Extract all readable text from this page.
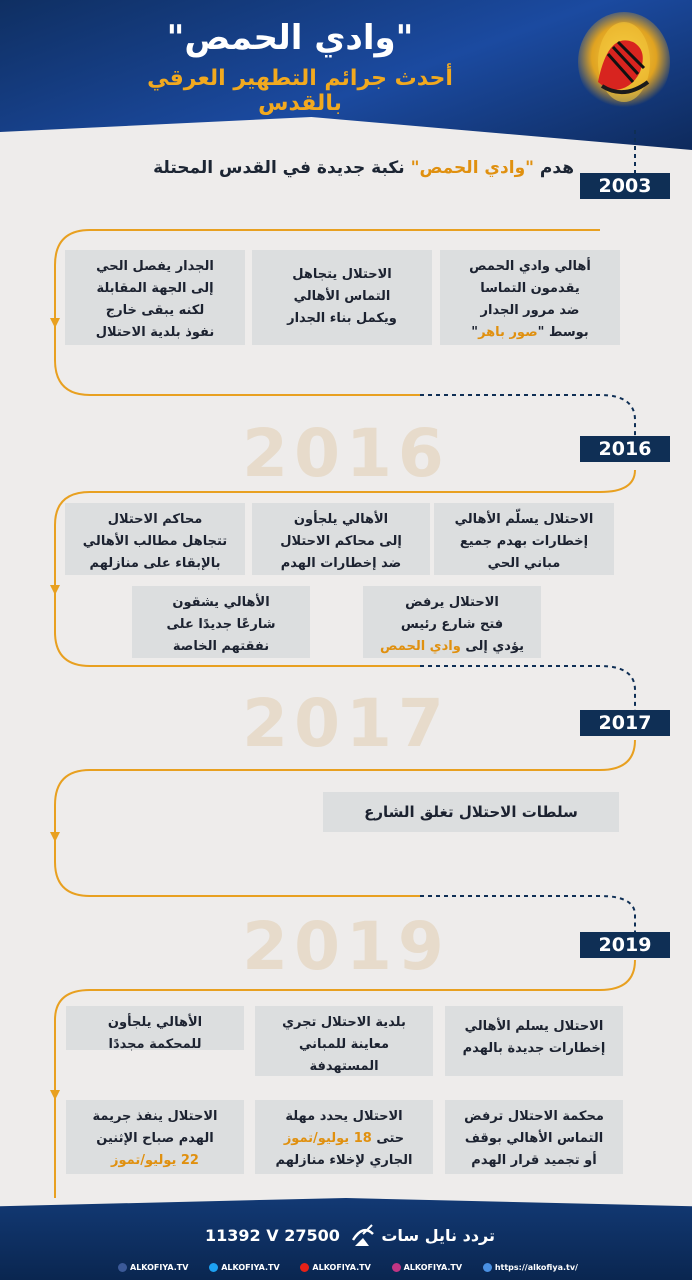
"وادي الحمص"
أحدث جرائم التطهير العرقي بالقدس
هدم "وادي الحمص" نكبة جديدة في القدس المحتلة
2003
2016
2017
2019
2016
2017
2019
أهالي وادي الحمص
يقدمون التماسا
ضد مرور الجدار
بوسط "صور باهر"
الاحتلال يتجاهل
التماس الأهالي
ويكمل بناء الجدار
الجدار يفصل الحي
إلى الجهة المقابلة
لكنه يبقى خارج
نفوذ بلدية الاحتلال
الاحتلال يسلّم الأهالي
إخطارات بهدم جميع
مباني الحي
الأهالي يلجأون
إلى محاكم الاحتلال
ضد إخطارات الهدم
محاكم الاحتلال
تتجاهل مطالب الأهالي
بالإبقاء على منازلهم
الاحتلال يرفض
فتح شارع رئيس
يؤدي إلى وادي الحمص
الأهالي يشقون
شارعًا جديدًا على
نفقتهم الخاصة
سلطات الاحتلال تغلق الشارع
الاحتلال يسلم الأهالي
إخطارات جديدة بالهدم
بلدية الاحتلال تجري
معاينة للمباني
المستهدفة
الأهالي يلجأون
للمحكمة مجددًا
محكمة الاحتلال ترفض
التماس الأهالي بوقف
أو تجميد قرار الهدم
الاحتلال يحدد مهلة
حتى 18 يوليو/تموز
الجاري لإخلاء منازلهم
الاحتلال ينفذ جريمة
الهدم صباح الإثنين
22 يوليو/تموز
11392 V 27500	تردد نايل سات
ALKOFIYA.TV	ALKOFIYA.TV	ALKOFIYA.TV	ALKOFIYA.TV	https://alkofiya.tv/
